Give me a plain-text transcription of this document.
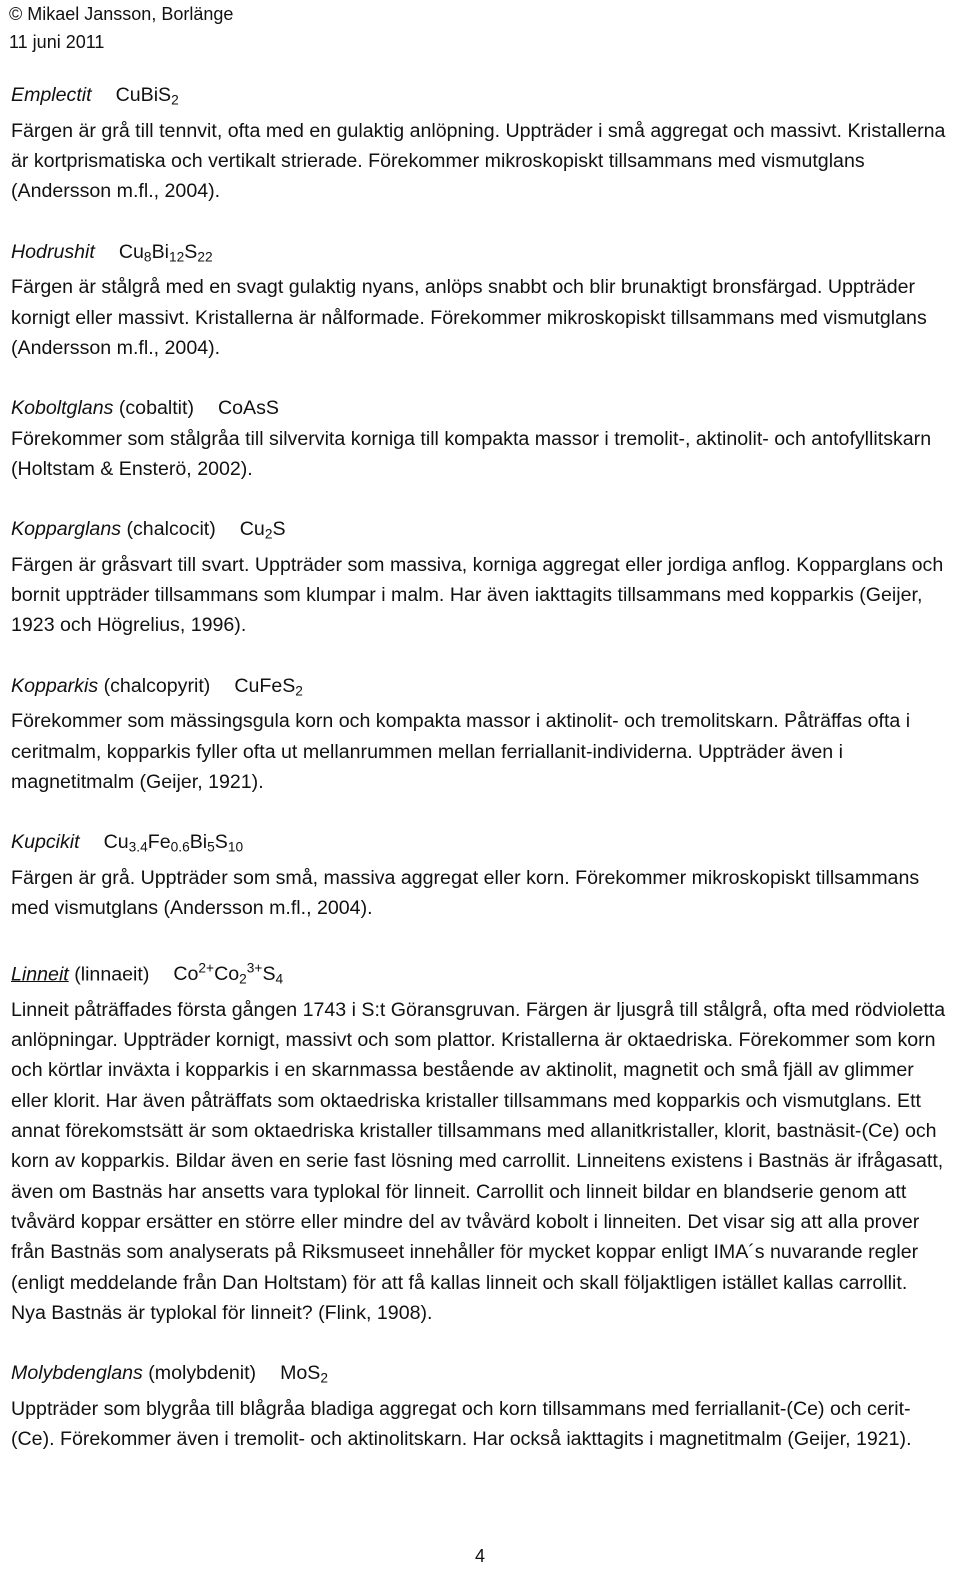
© Mikael Jansson, Borlänge
11 juni 2011
Emplectit CuBiS$_2$
Färgen är grå till tennvit, ofta med en gulaktig anlöpning. Uppträder i små aggregat och massivt. Kristallerna är kortprismatiska och vertikalt strierade. Förekommer mikroskopiskt tillsammans med vismutglans (Andersson m.fl., 2004).
Hodrushit $Cu_8Bi_{12}S_{22}$
Färgen är stålgrå med en svagt gulaktig nyans, anlöps snabbt och blir brunaktigt bronsfärgad. Uppträder kornigt eller massivt. Kristallerna är nålformade. Förekommer mikroskopiskt tillsammans med vismutglans (Andersson m.fl., 2004).
Koboltglans (cobaltit) CoAsS
Förekommer som stålgråa till silvervita korniga till kompakta massor i tremolit-, aktinolit- och antofyllitskarn (Holtstam & Ensterö, 2002).
Kopparglans (chalcocit) $Cu_2S$
Färgen är gråsvart till svart. Uppträder som massiva, korniga aggregat eller jordiga anflog. Kopparglans och bornit uppträder tillsammans som klumpar i malm. Har även iakttagits tillsammans med kopparkis (Geijer, 1923 och Högrelius, 1996).
Kopparkis (chalcopyrit) CuFeS$_2$
Förekommer som mässingsgula korn och kompakta massor i aktinolit- och tremolitskarn. Påträffas ofta i ceritmalm, kopparkis fyller ofta ut mellanrummen mellan ferriallanit-individerna. Uppträder även i magnetitmalm (Geijer, 1921).
Kupcikit $Cu_{3.4}Fe_{0.6}Bi_5S_{10}$
Färgen är grå. Uppträder som små, massiva aggregat eller korn. Förekommer mikroskopiskt tillsammans med vismutglans (Andersson m.fl., 2004).
Linneit (linnaeit) $Co^{2+}Co_2^{3+}S_4$
Linneit påträffades första gången 1743 i S:t Göransgruvan. Färgen är ljusgrå till stålgrå, ofta med rödvioletta anlöpningar. Uppträder kornigt, massivt och som plattor. Kristallerna är oktaedriska. Förekommer som korn och körtlar inväxta i kopparkis i en skarnmassa bestående av aktinolit, magnetit och små fjäll av glimmer eller klorit. Har även påträffats som oktaedriska kristaller tillsammans med kopparkis och vismutglans. Ett annat förekomstsätt är som oktaedriska kristaller tillsammans med allanitkristaller, klorit, bastnäsit-(Ce) och korn av kopparkis. Bildar även en serie fast lösning med carrollit. Linneitens existens i Bastnäs är ifrågasatt, även om Bastnäs har ansetts vara typlokal för linneit. Carrollit och linneit bildar en blandserie genom att tvåvärd koppar ersätter en större eller mindre del av tvåvärd kobolt i linneiten. Det visar sig att alla prover från Bastnäs som analyserats på Riksmuseet innehåller för mycket koppar enligt IMA´s nuvarande regler (enligt meddelande från Dan Holtstam) för att få kallas linneit och skall följaktligen istället kallas carrollit. Nya Bastnäs är typlokal för linneit? (Flink, 1908).
Molybdenglans (molybdenit) MoS$_2$
Uppträder som blygråa till blågråa bladiga aggregat och korn tillsammans med ferriallanit-(Ce) och cerit-(Ce). Förekommer även i tremolit- och aktinolitskarn. Har också iakttagits i magnetitmalm (Geijer, 1921).
4
